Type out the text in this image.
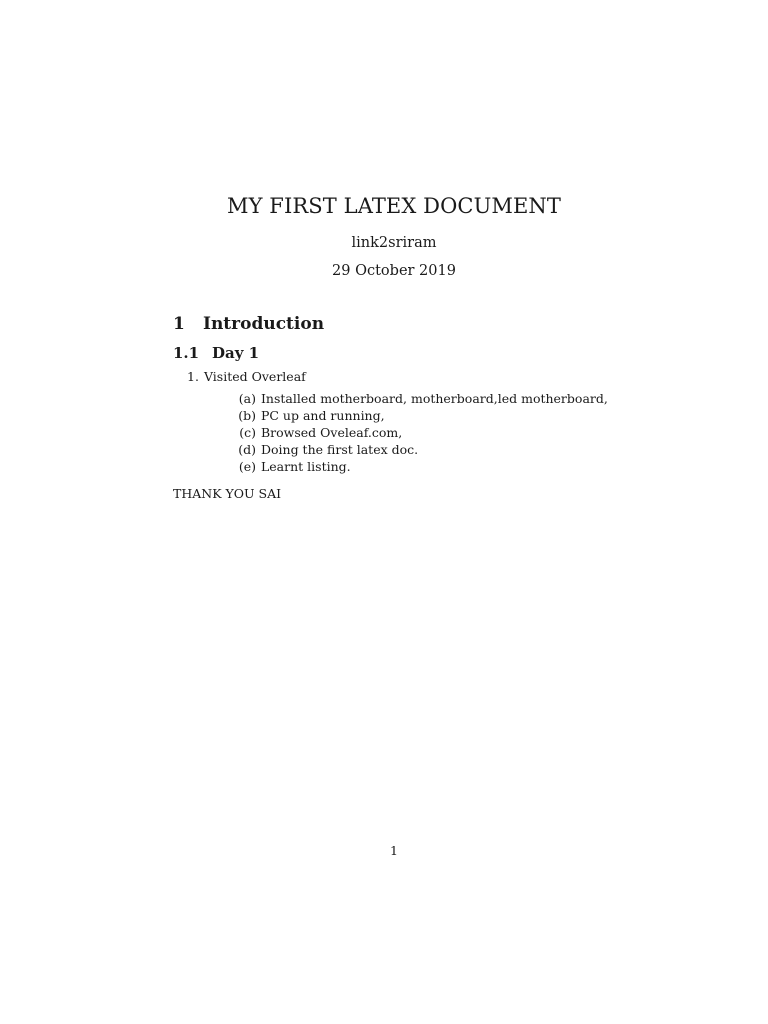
MY FIRST LATEX DOCUMENT
link2sriram
29 October 2019
1 Introduction
1.1 Day 1
1. Visited Overleaf
(a) Installed motherboard, motherboard,led motherboard,
(b) PC up and running,
(c) Browsed Oveleaf.com,
(d) Doing the first latex doc.
(e) Learnt listing.
THANK YOU SAI
1
